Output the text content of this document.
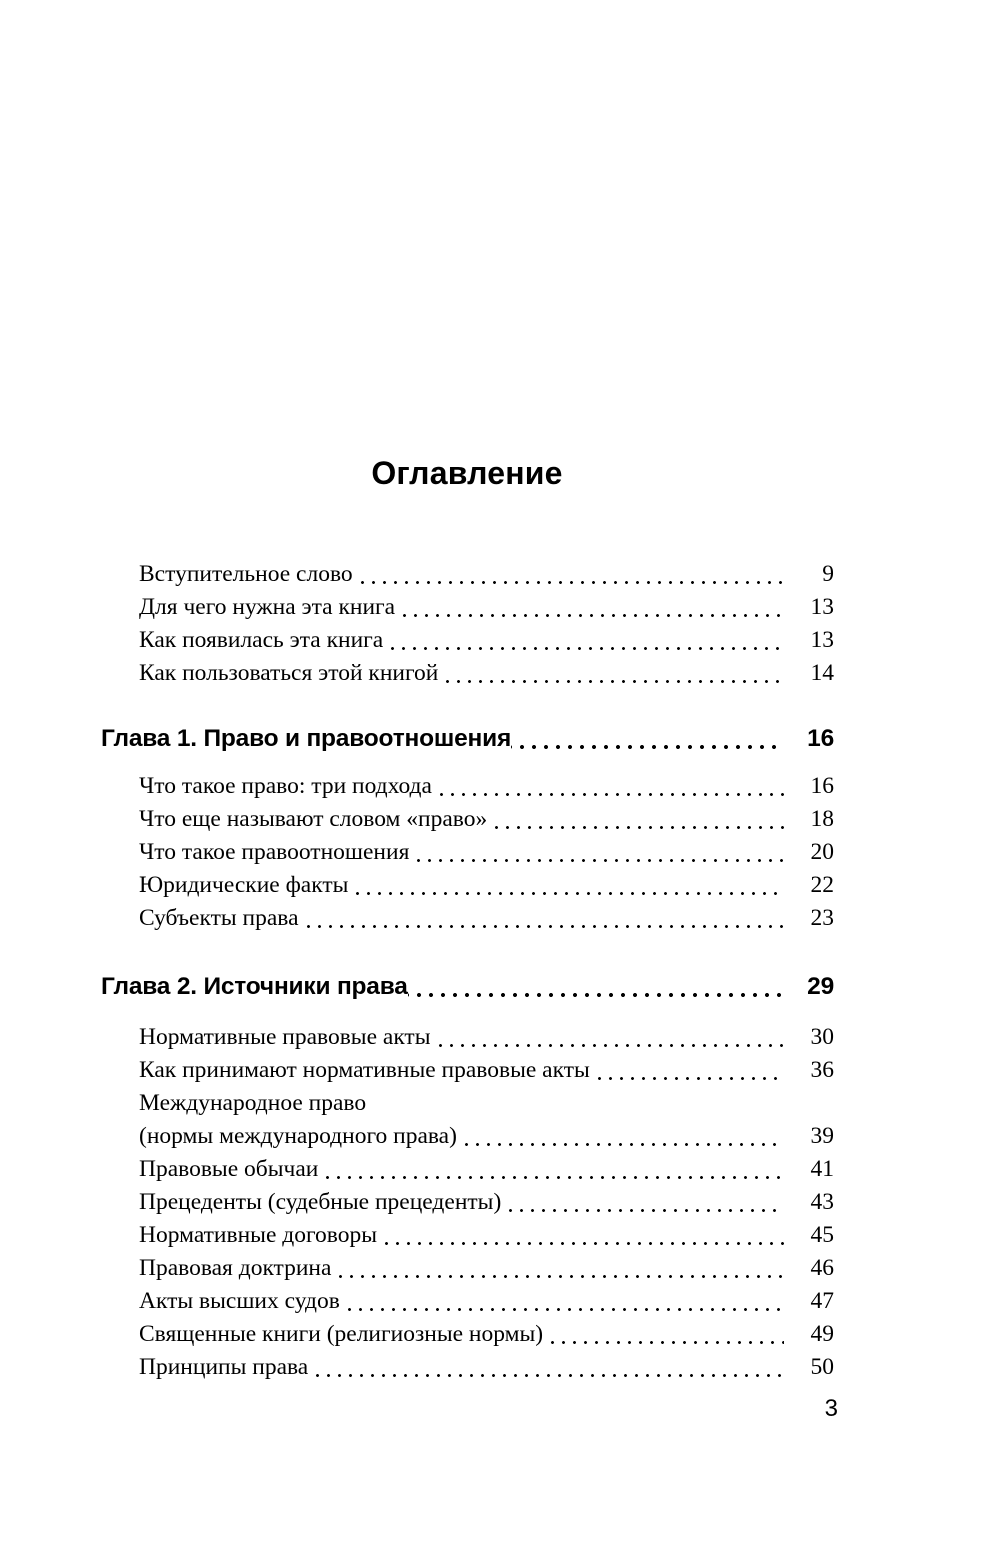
Оглавление
Вступительное слово	9
Для чего нужна эта книга	13
Как появилась эта книга	13
Как пользоваться этой книгой	14
Глава 1. Право и правоотношения	16
Что такое право: три подхода	16
Что еще называют словом «право»	18
Что такое правоотношения	20
Юридические факты	22
Субъекты права	23
Глава 2. Источники права	29
Нормативные правовые акты	30
Как принимают нормативные правовые акты	36
Международное право
(нормы международного права)	39
Правовые обычаи	41
Прецеденты (судебные прецеденты)	43
Нормативные договоры	45
Правовая доктрина	46
Акты высших судов	47
Священные книги (религиозные нормы)	49
Принципы права	50
3
